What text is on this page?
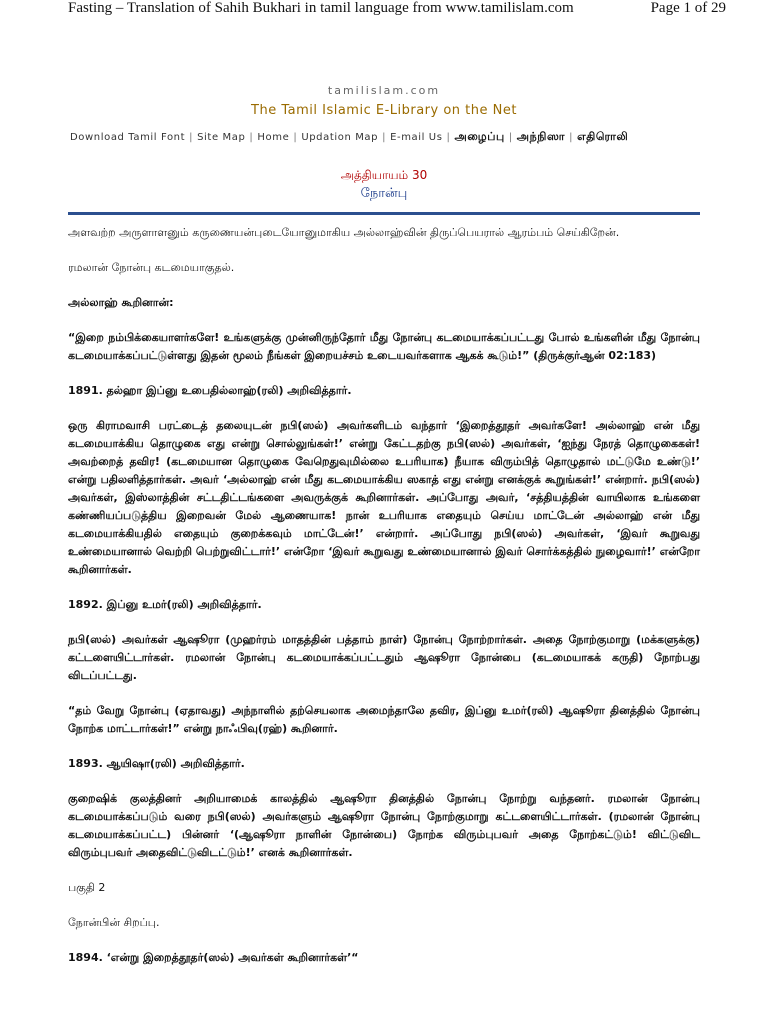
Fasting – Translation of Sahih Bukhari in tamil language from www.tamilislam.com	Page 1 of 29
tamilislam.com
The Tamil Islamic E-Library on the Net
Download Tamil Font | Site Map | Home | Updation Map | E-mail Us | அழைப்பு | அந்நிஸா | எதிரொலி
அத்தியாயம் 30
நோன்பு

அளவற்ற அருளாளனும் கருணையன்புடையோனுமாகிய அல்லாஹ்வின் திருப்பெயரால் ஆரம்பம் செய்கிறேன்.

ரமலான் நோன்பு கடமையாகுதல்.

அல்லாஹ் கூறினான்:

“இறை நம்பிக்கையாளர்களே! உங்களுக்கு முன்னிருந்தோர் மீது நோன்பு கடமையாக்கப்பட்டது போல் உங்களின் மீது நோன்பு கடமையாக்கப்பட்டுள்ளது இதன் மூலம் நீங்கள் இறையச்சம் உடையவர்களாக ஆகக் கூடும்!” (திருக்குர்ஆன் 02:183)

1891. தல்ஹா இப்னு உபைதில்லாஹ்(ரலி) அறிவித்தார்.

ஒரு கிராமவாசி பரட்டைத் தலையுடன் நபி(ஸல்) அவர்களிடம் வந்தார் ‘இறைத்தூதர் அவர்களே! அல்லாஹ் என் மீது கடமையாக்கிய தொழுகை எது என்று சொல்லுங்கள்!’ என்று கேட்டதற்கு நபி(ஸல்) அவர்கள், ‘ஐந்து நேரத் தொழுகைகள்! அவற்றைத் தவிர! (கடமையான தொழுகை வேறெதுவுமில்லை உபரியாக) நீயாக விரும்பித் தொழுதால் மட்டுமே உண்டு!’ என்று பதிலளித்தார்கள். அவர் ‘அல்லாஹ் என் மீது கடமையாக்கிய ஸகாத் எது என்று எனக்குக் கூறுங்கள்!’ என்றார். நபி(ஸல்) அவர்கள், இஸ்லாத்தின் சட்டதிட்டங்களை அவருக்குக் கூறினார்கள். அப்போது அவர், ‘சத்தியத்தின் வாயிலாக உங்களை கண்ணியப்படுத்திய இறைவன் மேல் ஆணையாக! நான் உபரியாக எதையும் செய்ய மாட்டேன் அல்லாஹ் என் மீது கடமையாக்கியதில் எதையும் குறைக்கவும் மாட்டேன்!’ என்றார். அப்போது நபி(ஸல்) அவர்கள், ‘இவர் கூறுவது உண்மையானால் வெற்றி பெற்றுவிட்டார்!’ என்றோ ‘இவர் கூறுவது உண்மையானால் இவர் சொர்க்கத்தில் நுழைவார்!’ என்றோ கூறினார்கள்.

1892. இப்னு உமர்(ரலி) அறிவித்தார்.

நபி(ஸல்) அவர்கள் ஆஷூரா (முஹர்ரம் மாதத்தின் பத்தாம் நாள்) நோன்பு நோற்றார்கள். அதை நோற்குமாறு (மக்களுக்கு) கட்டளையிட்டார்கள். ரமலான் நோன்பு கடமையாக்கப்பட்டதும் ஆஷூரா நோன்பை (கடமையாகக் கருதி) நோற்பது விடப்பட்டது.

“தம் வேறு நோன்பு (ஏதாவது) அந்நாளில் தற்செயலாக அமைந்தாலே தவிர, இப்னு உமர்(ரலி) ஆஷூரா தினத்தில் நோன்பு நோற்க மாட்டார்கள்!” என்று நாஃபிவு(ரஹ்) கூறினார்.

1893. ஆயிஷா(ரலி) அறிவித்தார்.

குறைஷிக் குலத்தினர் அறியாமைக் காலத்தில் ஆஷூரா தினத்தில் நோன்பு நோற்று வந்தனர். ரமலான் நோன்பு கடமையாக்கப்படும் வரை நபி(ஸல்) அவர்களும் ஆஷூரா நோன்பு நோற்குமாறு கட்டளையிட்டார்கள். (ரமலான் நோன்பு கடமையாக்கப்பட்ட) பின்னர் ‘(ஆஷூரா நாளின் நோன்பை) நோற்க விரும்புபவர் அதை நோற்கட்டும்! விட்டுவிட விரும்புபவர் அதைவிட்டுவிடட்டும்!’ எனக் கூறினார்கள்.

பகுதி 2

நோன்பின் சிறப்பு.

1894. ‘என்று இறைத்தூதர்(ஸல்) அவர்கள் கூறினார்கள்’“
